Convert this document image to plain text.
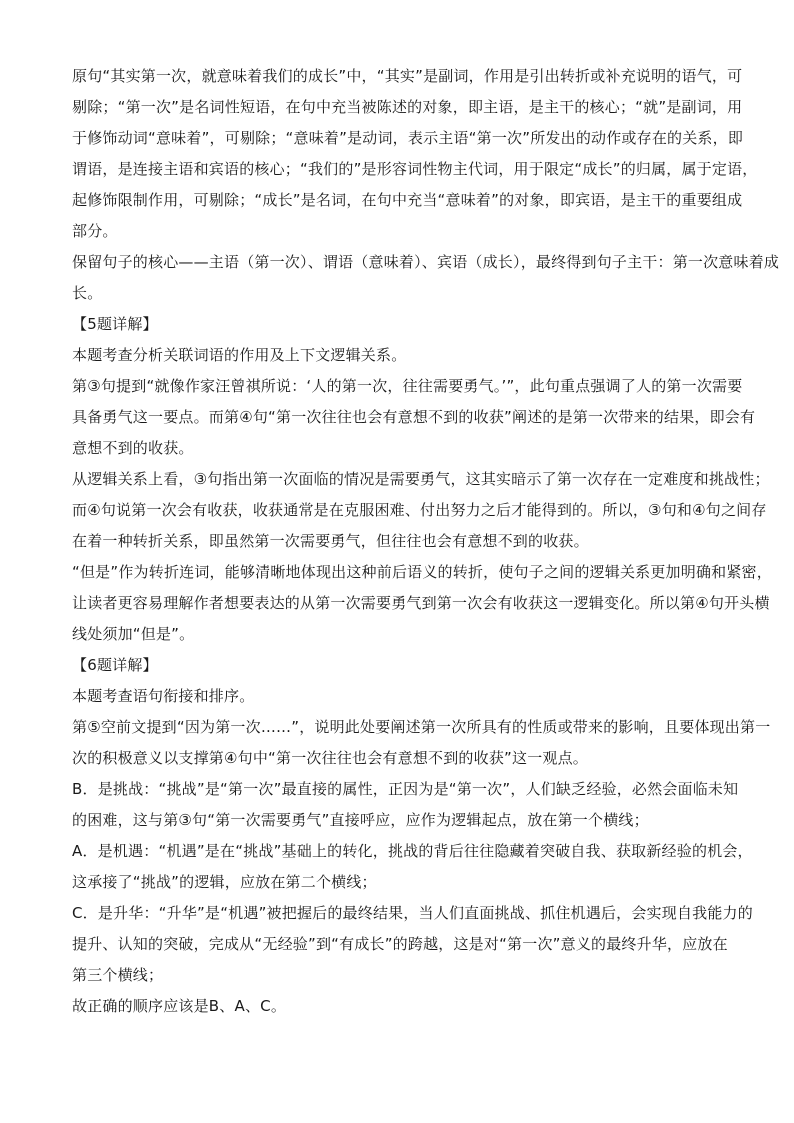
原句“其实第一次，就意味着我们的成长”中，“其实”是副词，作用是引出转折或补充说明的语气，可
剔除；“第一次”是名词性短语，在句中充当被陈述的对象，即主语，是主干的核心；“就”是副词，用
于修饰动词“意味着”，可剔除；“意味着”是动词，表示主语“第一次”所发出的动作或存在的关系，即
谓语，是连接主语和宾语的核心；“我们的”是形容词性物主代词，用于限定“成长”的归属，属于定语，
起修饰限制作用，可剔除；“成长”是名词，在句中充当“意味着”的对象，即宾语，是主干的重要组成
部分。
保留句子的核心——主语（第一次）、谓语（意味着）、宾语（成长），最终得到句子主干：第一次意味着成
长。
【5题详解】
本题考查分析关联词语的作用及上下文逻辑关系。
第③句提到“就像作家汪曾祺所说：‘人的第一次，往往需要勇气。’”，此句重点强调了人的第一次需要
具备勇气这一要点。而第④句“第一次往往也会有意想不到的收获”阐述的是第一次带来的结果，即会有
意想不到的收获。
从逻辑关系上看，③句指出第一次面临的情况是需要勇气，这其实暗示了第一次存在一定难度和挑战性；
而④句说第一次会有收获，收获通常是在克服困难、付出努力之后才能得到的。所以，③句和④句之间存
在着一种转折关系，即虽然第一次需要勇气，但往往也会有意想不到的收获。
“但是”作为转折连词，能够清晰地体现出这种前后语义的转折，使句子之间的逻辑关系更加明确和紧密，
让读者更容易理解作者想要表达的从第一次需要勇气到第一次会有收获这一逻辑变化。所以第④句开头横
线处须加“但是”。
【6题详解】
本题考查语句衔接和排序。
第⑤空前文提到“因为第一次……”，说明此处要阐述第一次所具有的性质或带来的影响，且要体现出第一
次的积极意义以支撑第④句中“第一次往往也会有意想不到的收获”这一观点。
B．是挑战：“挑战”是“第一次”最直接的属性，正因为是“第一次”，人们缺乏经验，必然会面临未知
的困难，这与第③句“第一次需要勇气”直接呼应，应作为逻辑起点，放在第一个横线；
A．是机遇：“机遇”是在“挑战”基础上的转化，挑战的背后往往隐藏着突破自我、获取新经验的机会，
这承接了“挑战”的逻辑，应放在第二个横线；
C．是升华：“升华”是“机遇”被把握后的最终结果，当人们直面挑战、抓住机遇后，会实现自我能力的
提升、认知的突破，完成从“无经验”到“有成长”的跨越，这是对“第一次”意义的最终升华，应放在
第三个横线；
故正确的顺序应该是B、A、C。
